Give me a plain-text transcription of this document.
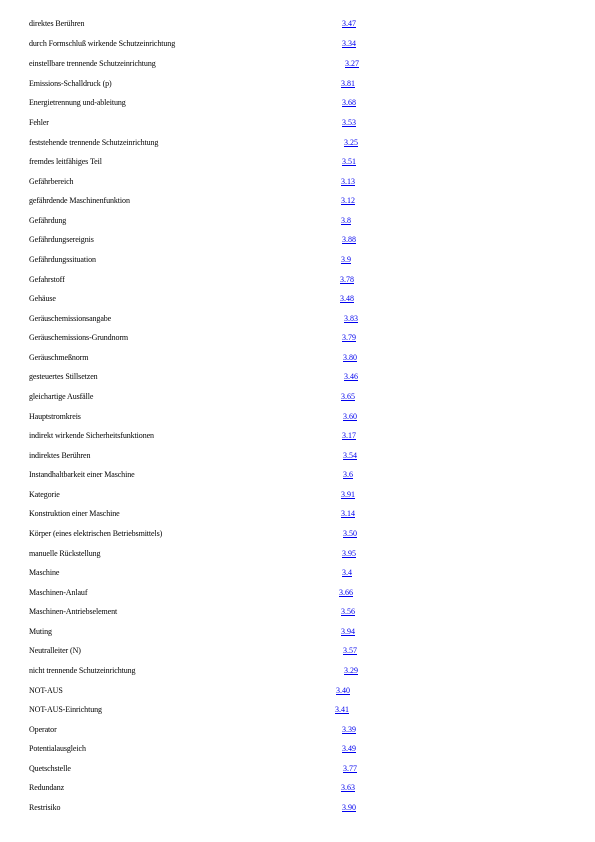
direktes Berühren	3.47
durch Formschluß wirkende Schutzeinrichtung	3.34
einstellbare trennende Schutzeinrichtung	3.27
Emissions-Schalldruck (p)	3.81
Energietrennung und-ableitung	3.68
Fehler	3.53
feststehende trennende Schutzeinrichtung	3.25
fremdes leitfähiges Teil	3.51
Gefährbereich	3.13
gefährdende Maschinenfunktion	3.12
Gefährdung	3.8
Gefährdungsereignis	3.88
Gefährdungssituation	3.9
Gefahrstoff	3.78
Gehäuse	3.48
Geräuschemissionsangabe	3.83
Geräuschemissions-Grundnorm	3.79
Geräuschmeßnorm	3.80
gesteuertes Stillsetzen	3.46
gleichartige Ausfälle	3.65
Hauptstromkreis	3.60
indirekt wirkende Sicherheitsfunktionen	3.17
indirektes Berühren	3.54
Instandhaltbarkeit einer Maschine	3.6
Kategorie	3.91
Konstruktion einer Maschine	3.14
Körper (eines elektrischen Betriebsmittels)	3.50
manuelle Rückstellung	3.95
Maschine	3.4
Maschinen-Anlauf	3.66
Maschinen-Antriebselement	3.56
Muting	3.94
Neutralleiter (N)	3.57
nicht trennende Schutzeinrichtung	3.29
NOT-AUS	3.40
NOT-AUS-Einrichtung	3.41
Operator	3.39
Potentialausgleich	3.49
Quetschstelle	3.77
Redundanz	3.63
Restrisiko	3.90
